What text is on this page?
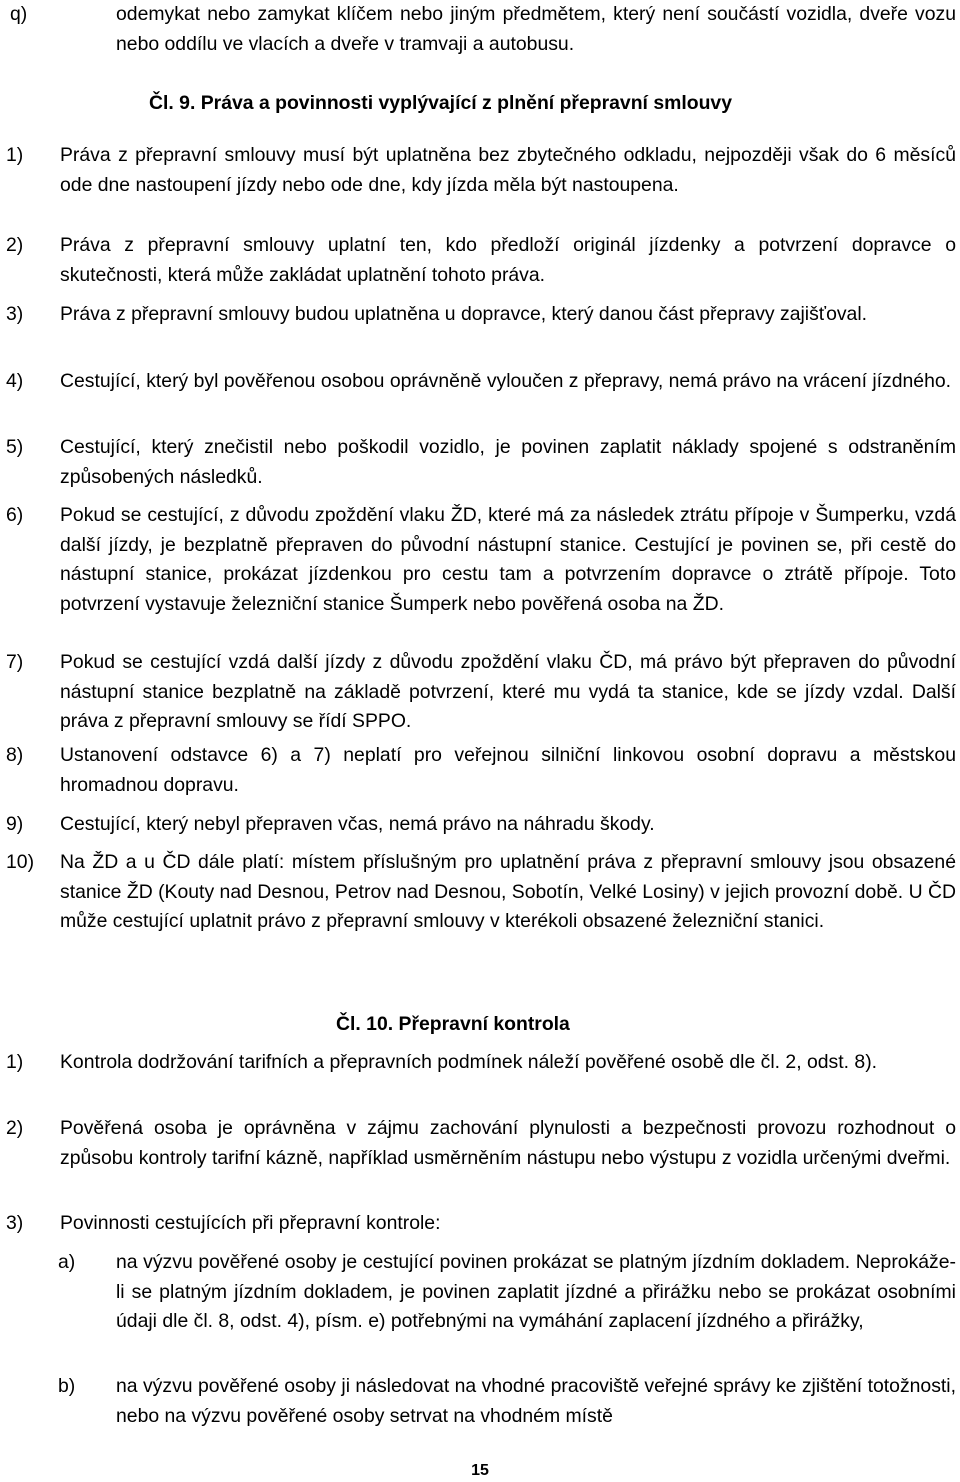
q)	odemykat nebo zamykat klíčem nebo jiným předmětem, který není součástí vozidla, dveře vozu nebo oddílu ve vlacích a dveře v tramvaji a autobusu.
Čl. 9. Práva a povinnosti vyplývající z plnění přepravní smlouvy
1) Práva z přepravní smlouvy musí být uplatněna bez zbytečného odkladu, nejpozději však do 6 měsíců ode dne nastoupení jízdy nebo ode dne, kdy jízda měla být nastoupena.
2) Práva z přepravní smlouvy uplatní ten, kdo předloží originál jízdenky a potvrzení dopravce o skutečnosti, která může zakládat uplatnění tohoto práva.
3) Práva z přepravní smlouvy budou uplatněna u dopravce, který danou část přepravy zajišťoval.
4) Cestující, který byl pověřenou osobou oprávněně vyloučen z přepravy, nemá právo na vrácení jízdného.
5) Cestující, který znečistil nebo poškodil vozidlo, je povinen zaplatit náklady spojené s odstraněním způsobených následků.
6) Pokud se cestující, z důvodu zpoždění vlaku ŽD, které má za následek ztrátu přípoje v Šumperku, vzdá další jízdy, je bezplatně přepraven do původní nástupní stanice. Cestující je povinen se, při cestě do nástupní stanice, prokázat jízdenkou pro cestu tam a potvrzením dopravce o ztrátě přípoje. Toto potvrzení vystavuje železniční stanice Šumperk nebo pověřená osoba na ŽD.
7) Pokud se cestující vzdá další jízdy z důvodu zpoždění vlaku ČD, má právo být přepraven do původní nástupní stanice bezplatně na základě potvrzení, které mu vydá ta stanice, kde se jízdy vzdal. Další práva z přepravní smlouvy se řídí SPPO.
8) Ustanovení odstavce 6) a 7) neplatí pro veřejnou silniční linkovou osobní dopravu a městskou hromadnou dopravu.
9) Cestující, který nebyl přepraven včas, nemá právo na náhradu škody.
10) Na ŽD a u ČD dále platí: místem příslušným pro uplatnění práva z přepravní smlouvy jsou obsazené stanice ŽD (Kouty nad Desnou, Petrov nad Desnou, Sobotín, Velké Losiny) v jejich provozní době. U ČD může cestující uplatnit právo z přepravní smlouvy v kterékoli obsazené železniční stanici.
Čl. 10. Přepravní kontrola
1) Kontrola dodržování tarifních a přepravních podmínek náleží pověřené osobě dle čl. 2, odst. 8).
2) Pověřená osoba je oprávněna v zájmu zachování plynulosti a bezpečnosti provozu rozhodnout o způsobu kontroly tarifní kázně, například usměrněním nástupu nebo výstupu z vozidla určenými dveřmi.
3) Povinnosti cestujících při přepravní kontrole:
a) na výzvu pověřené osoby je cestující povinen prokázat se platným jízdním dokladem. Neprokáže-li se platným jízdním dokladem, je povinen zaplatit jízdné a přirážku nebo se prokázat osobními údaji dle čl. 8, odst. 4), písm. e) potřebnými na vymáhání zaplacení jízdného a přirážky,
b) na výzvu pověřené osoby ji následovat na vhodné pracoviště veřejné správy ke zjištění totožnosti, nebo na výzvu pověřené osoby setrvat na vhodném místě
15
